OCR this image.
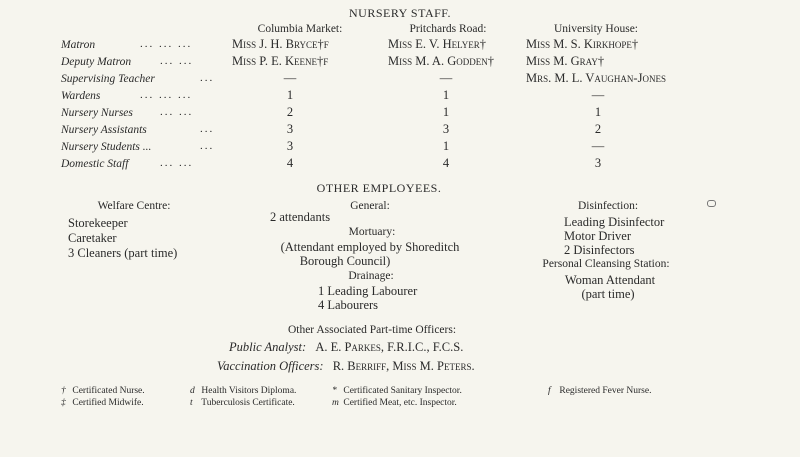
NURSERY STAFF.
Columbia Market:	Pritchards Road:	University House:
Matron	... ... ...	Miss J. H. Bryce†f	Miss E. V. Helyer†	Miss M. S. Kirkhope†
Deputy Matron	... ...	Miss P. E. Keene†f	Miss M. A. Godden†	Miss M. Gray†
Supervising Teacher	...	—	—	Mrs. M. L. Vaughan-Jones
Wardens	... ... ...	1	1	—
Nursery Nurses ... ...	2	1	1
Nursery Assistants	...	3	3	2
Nursery Students ...	...	3	1	—
Domestic Staff	... ...	4	4	3
OTHER EMPLOYEES.
Welfare Centre:
Storekeeper
Caretaker
3 Cleaners (part time)
General:
2 attendants
Mortuary:
(Attendant employed by Shoreditch
Borough Council)
Drainage:
1 Leading Labourer
4 Labourers
Disinfection:
Leading Disinfector
Motor Driver
2 Disinfectors
Personal Cleansing Station:
Woman Attendant
(part time)
Other Associated Part-time Officers:
Public Analyst: A. E. Parkes, F.R.I.C., F.C.S.
Vaccination Officers: R. Berriff, Miss M. Peters.
† Certificated Nurse.	d Health Visitors Diploma.	* Certificated Sanitary Inspector.	f Registered Fever Nurse.
‡ Certified Midwife.	t Tuberculosis Certificate.	m Certified Meat, etc. Inspector.
